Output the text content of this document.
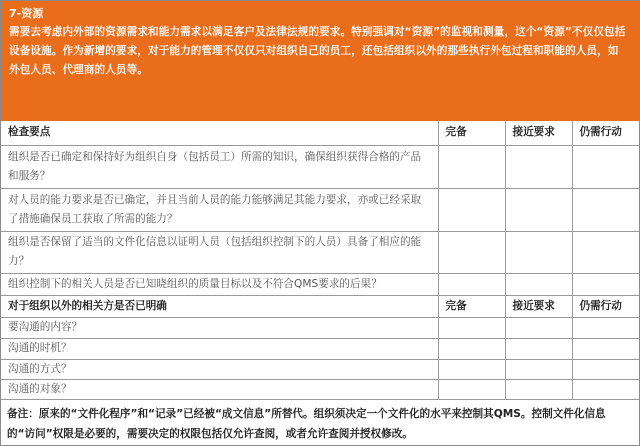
7-资源
需要去考虑内外部的资源需求和能力需求以满足客户及法律法规的要求。特别强调对“资源”的监视和测量，这个“资源”不仅仅包括设备设施。作为新增的要求，对于能力的管理不仅仅只对组织自己的员工，还包括组织以外的那些执行外包过程和职能的人员，如外包人员、代理商的人员等。
检查要点	完备	接近要求	仍需行动
组织是否已确定和保持好为组织自身（包括员工）所需的知识，确保组织获得合格的产品和服务？			
对人员的能力要求是否已确定，并且当前人员的能力能够满足其能力要求，亦或已经采取了措施确保员工获取了所需的能力？			
组织是否保留了适当的文件化信息以证明人员（包括组织控制下的人员）具备了相应的能力？			
组织控制下的相关人员是否已知晓组织的质量目标以及不符合QMS要求的后果？			
对于组织以外的相关方是否已明确	完备	接近要求	仍需行动
要沟通的内容？			
沟通的时机？			
沟通的方式？			
沟通的对象？			
备注：原来的“文件化程序”和“记录”已经被“成文信息”所替代。组织须决定一个文件化的水平来控制其QMS。控制文件化信息的“访问”权限是必要的，需要决定的权限包括仅允许查阅，或者允许查阅并授权修改。
